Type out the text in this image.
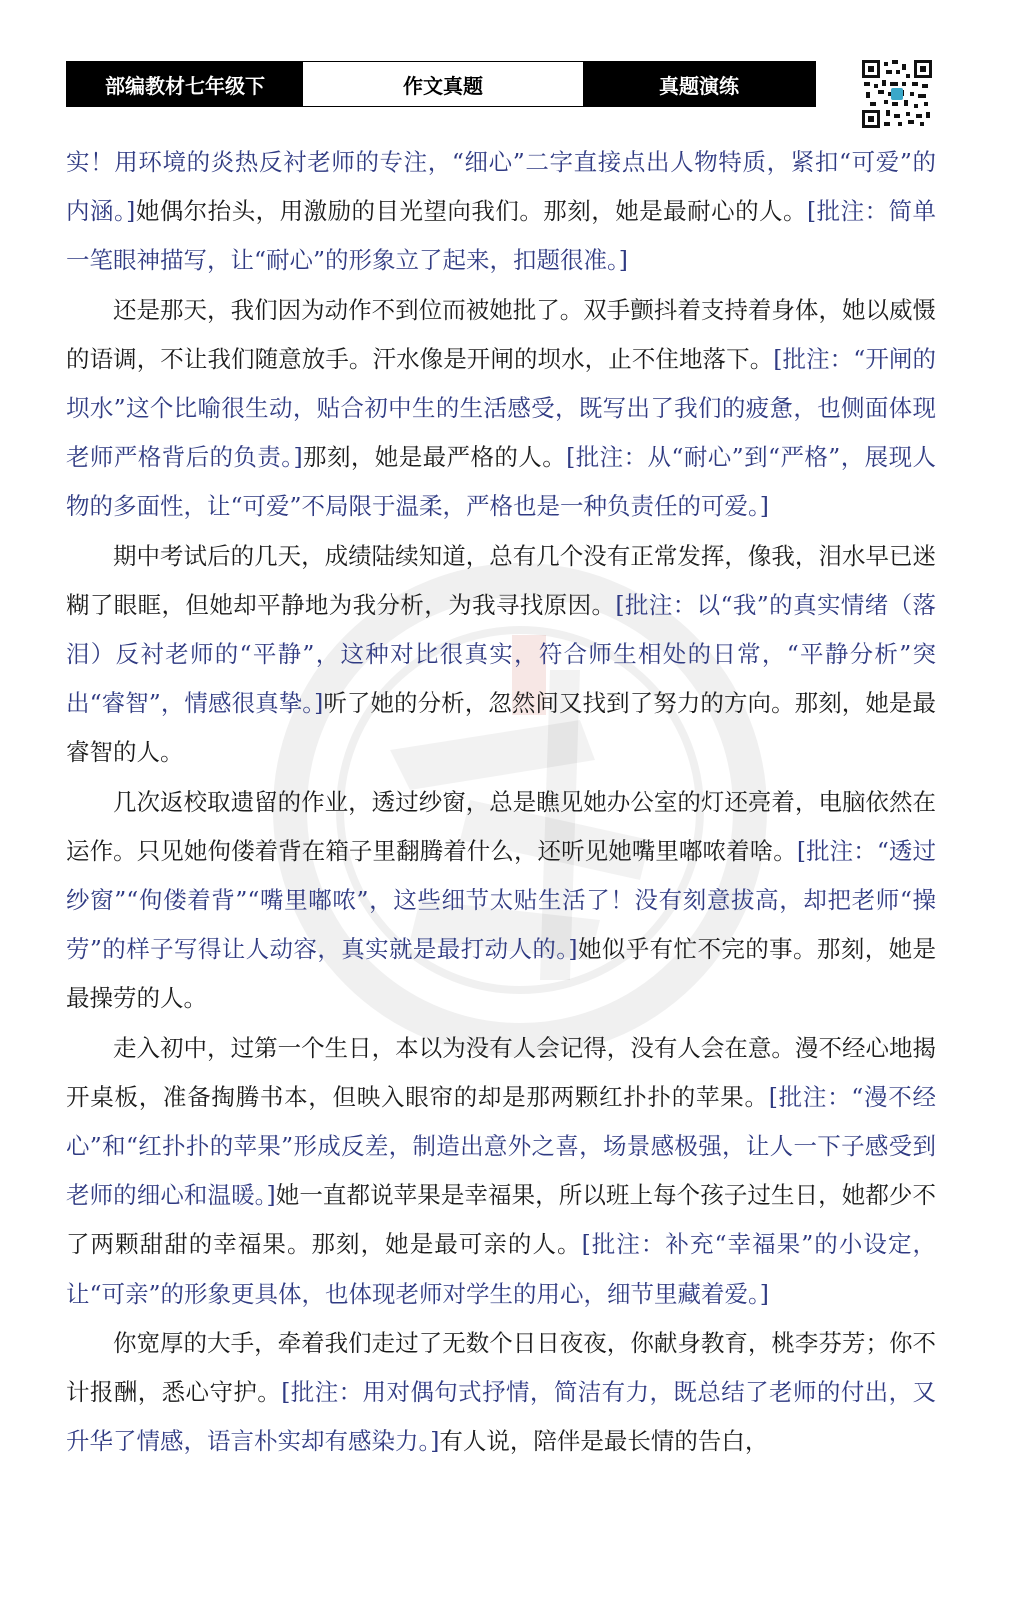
部编教材七年级下	作文真题	真题演练

实！用环境的炎热反衬老师的专注，“细心”二字直接点出人物特质，紧扣“可爱”的内涵。]她偶尔抬头，用激励的目光望向我们。那刻，她是最耐心的人。[批注：简单一笔眼神描写，让“耐心”的形象立了起来，扣题很准。]

还是那天，我们因为动作不到位而被她批了。双手颤抖着支持着身体，她以威慑的语调，不让我们随意放手。汗水像是开闸的坝水，止不住地落下。[批注：“开闸的坝水”这个比喻很生动，贴合初中生的生活感受，既写出了我们的疲惫，也侧面体现老师严格背后的负责。]那刻，她是最严格的人。[批注：从“耐心”到“严格”，展现人物的多面性，让“可爱”不局限于温柔，严格也是一种负责任的可爱。]

期中考试后的几天，成绩陆续知道，总有几个没有正常发挥，像我，泪水早已迷糊了眼眶，但她却平静地为我分析，为我寻找原因。[批注：以“我”的真实情绪（落泪）反衬老师的“平静”，这种对比很真实，符合师生相处的日常，“平静分析”突出“睿智”，情感很真挚。]听了她的分析，忽然间又找到了努力的方向。那刻，她是最睿智的人。

几次返校取遗留的作业，透过纱窗，总是瞧见她办公室的灯还亮着，电脑依然在运作。只见她佝偻着背在箱子里翻腾着什么，还听见她嘴里嘟哝着啥。[批注：“透过纱窗”“佝偻着背”“嘴里嘟哝”，这些细节太贴生活了！没有刻意拔高，却把老师“操劳”的样子写得让人动容，真实就是最打动人的。]她似乎有忙不完的事。那刻，她是最操劳的人。

走入初中，过第一个生日，本以为没有人会记得，没有人会在意。漫不经心地揭开桌板，准备掏腾书本，但映入眼帘的却是那两颗红扑扑的苹果。[批注：“漫不经心”和“红扑扑的苹果”形成反差，制造出意外之喜，场景感极强，让人一下子感受到老师的细心和温暖。]她一直都说苹果是幸福果，所以班上每个孩子过生日，她都少不了两颗甜甜的幸福果。那刻，她是最可亲的人。[批注：补充“幸福果”的小设定，让“可亲”的形象更具体，也体现老师对学生的用心，细节里藏着爱。]

你宽厚的大手，牵着我们走过了无数个日日夜夜，你献身教育，桃李芬芳；你不计报酬，悉心守护。[批注：用对偶句式抒情，简洁有力，既总结了老师的付出，又升华了情感，语言朴实却有感染力。]有人说，陪伴是最长情的告白，
